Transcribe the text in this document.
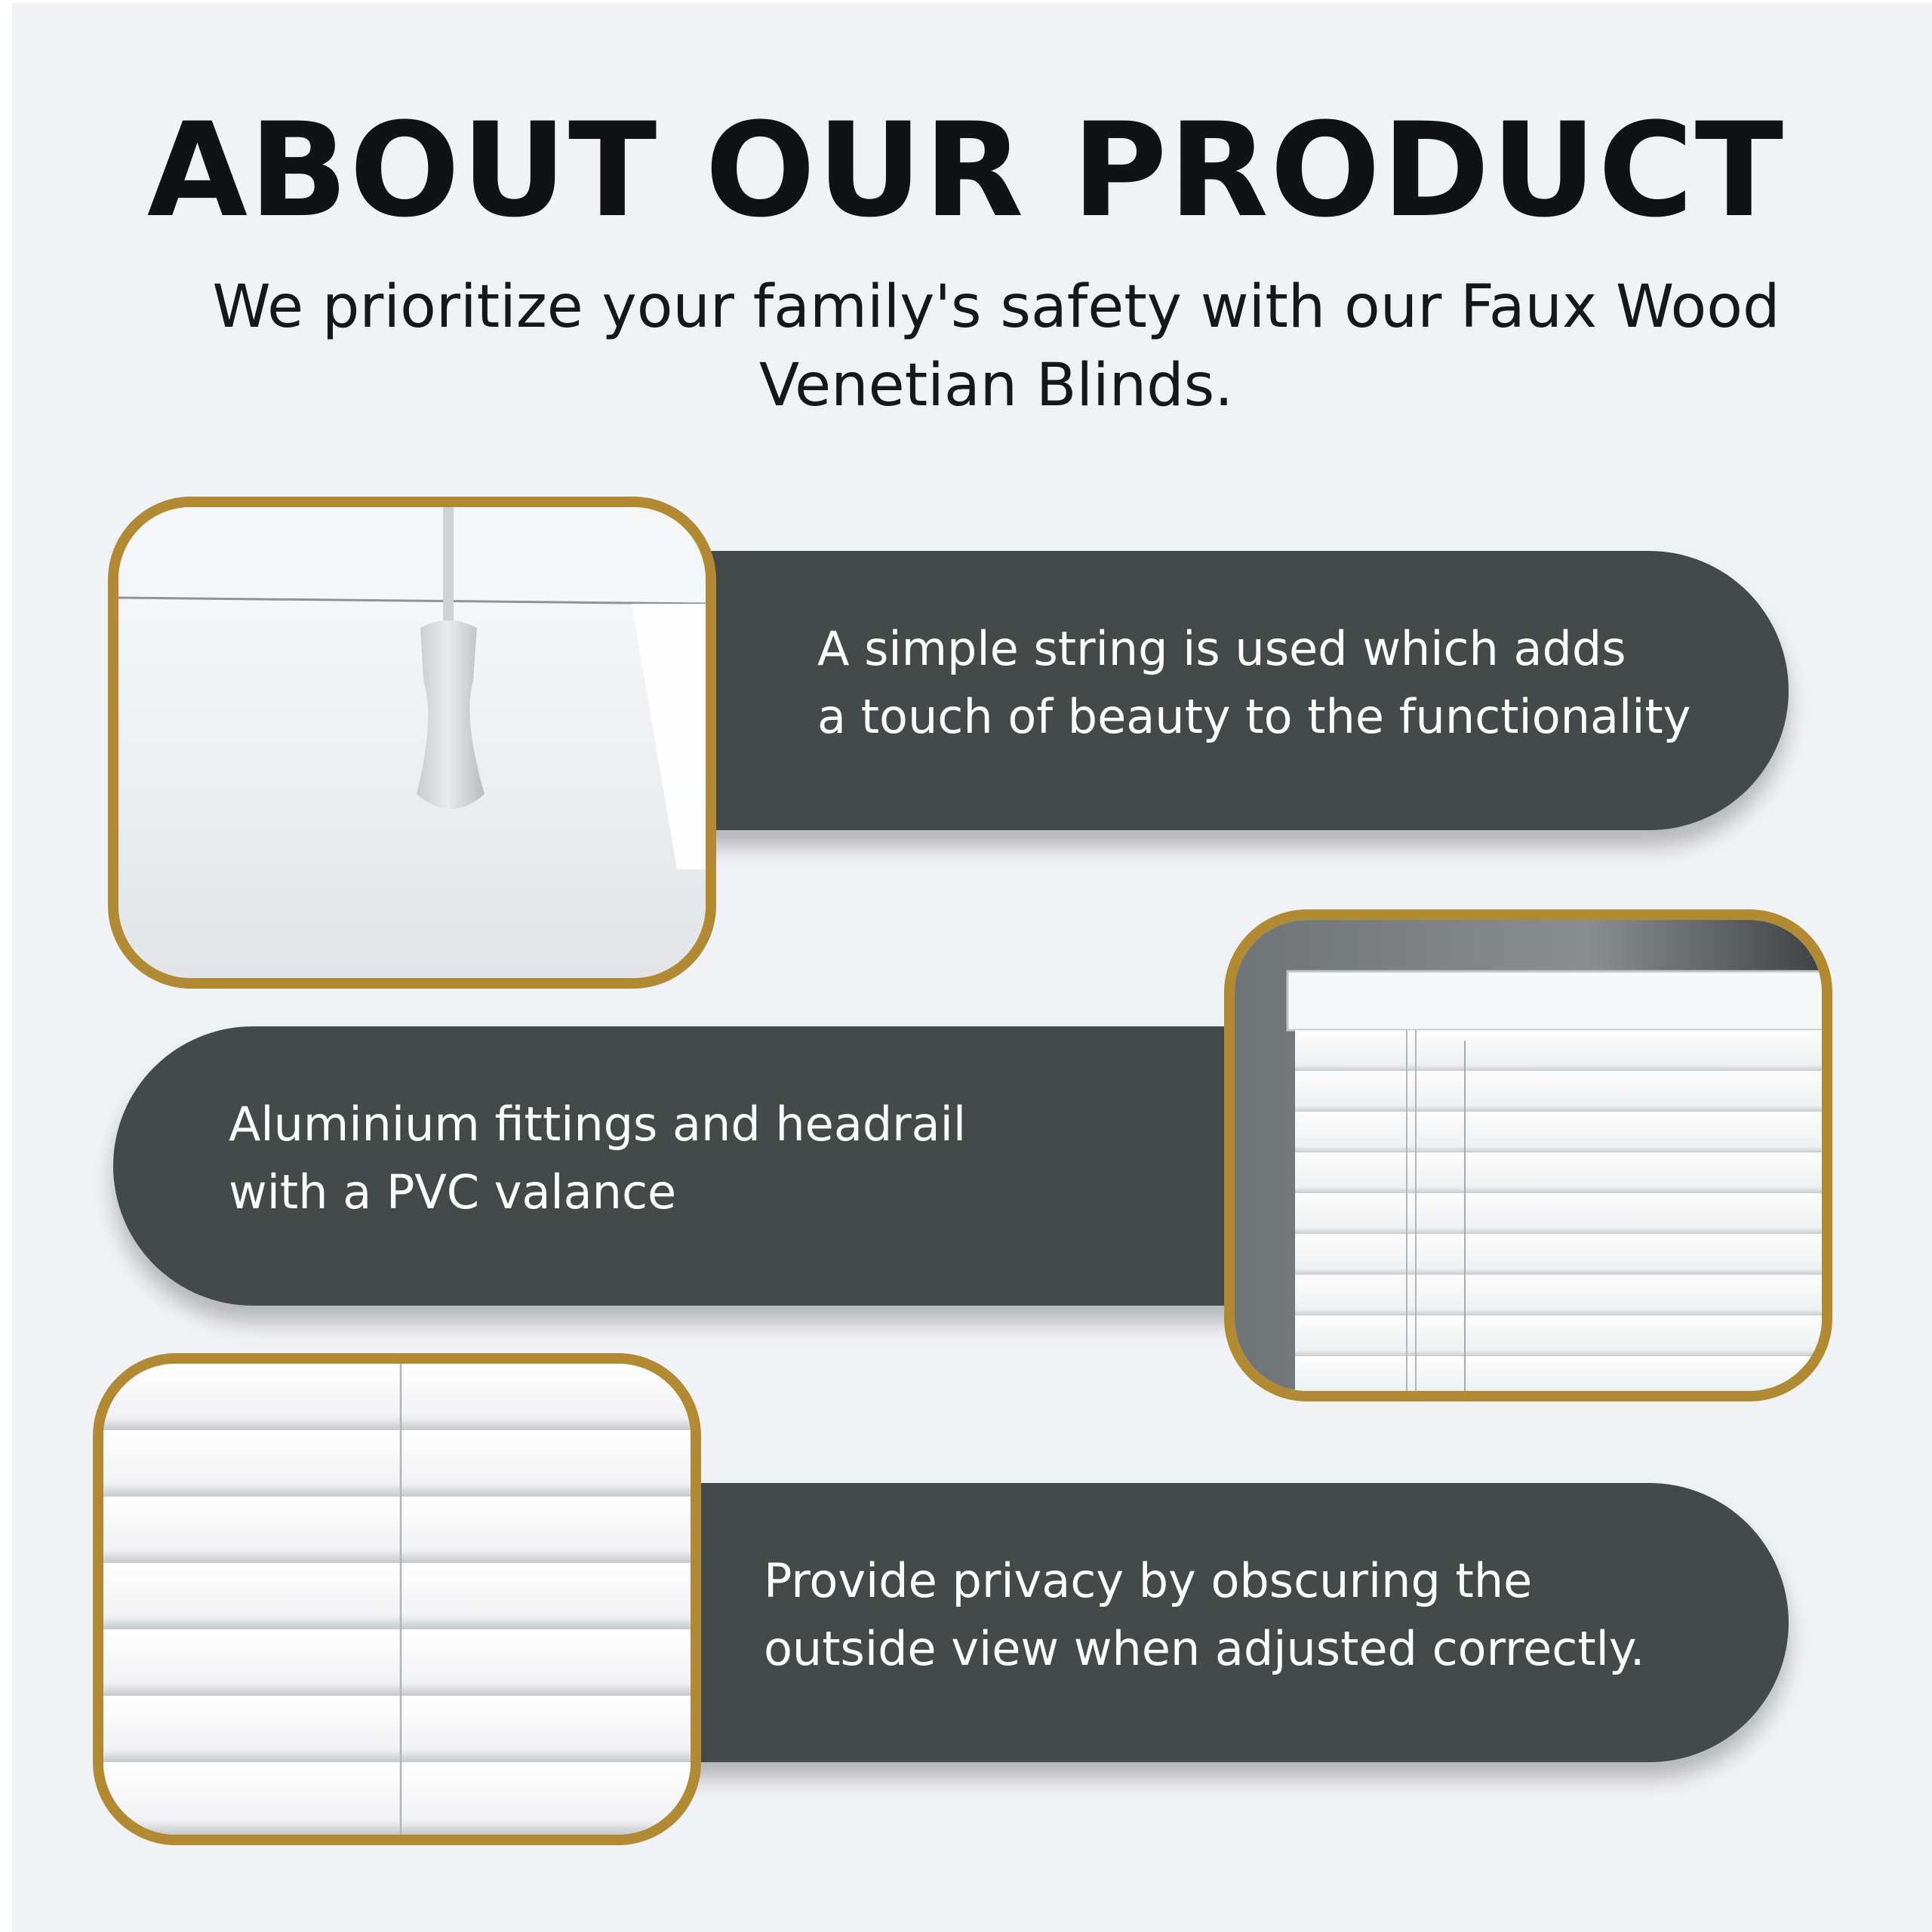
ABOUT OUR PRODUCT

We prioritize your family's safety with our Faux Wood Venetian Blinds.

A simple string is used which adds
a touch of beauty to the functionality
Aluminium fittings and headrail
with a PVC valance
Provide privacy by obscuring the
outside view when adjusted correctly.
